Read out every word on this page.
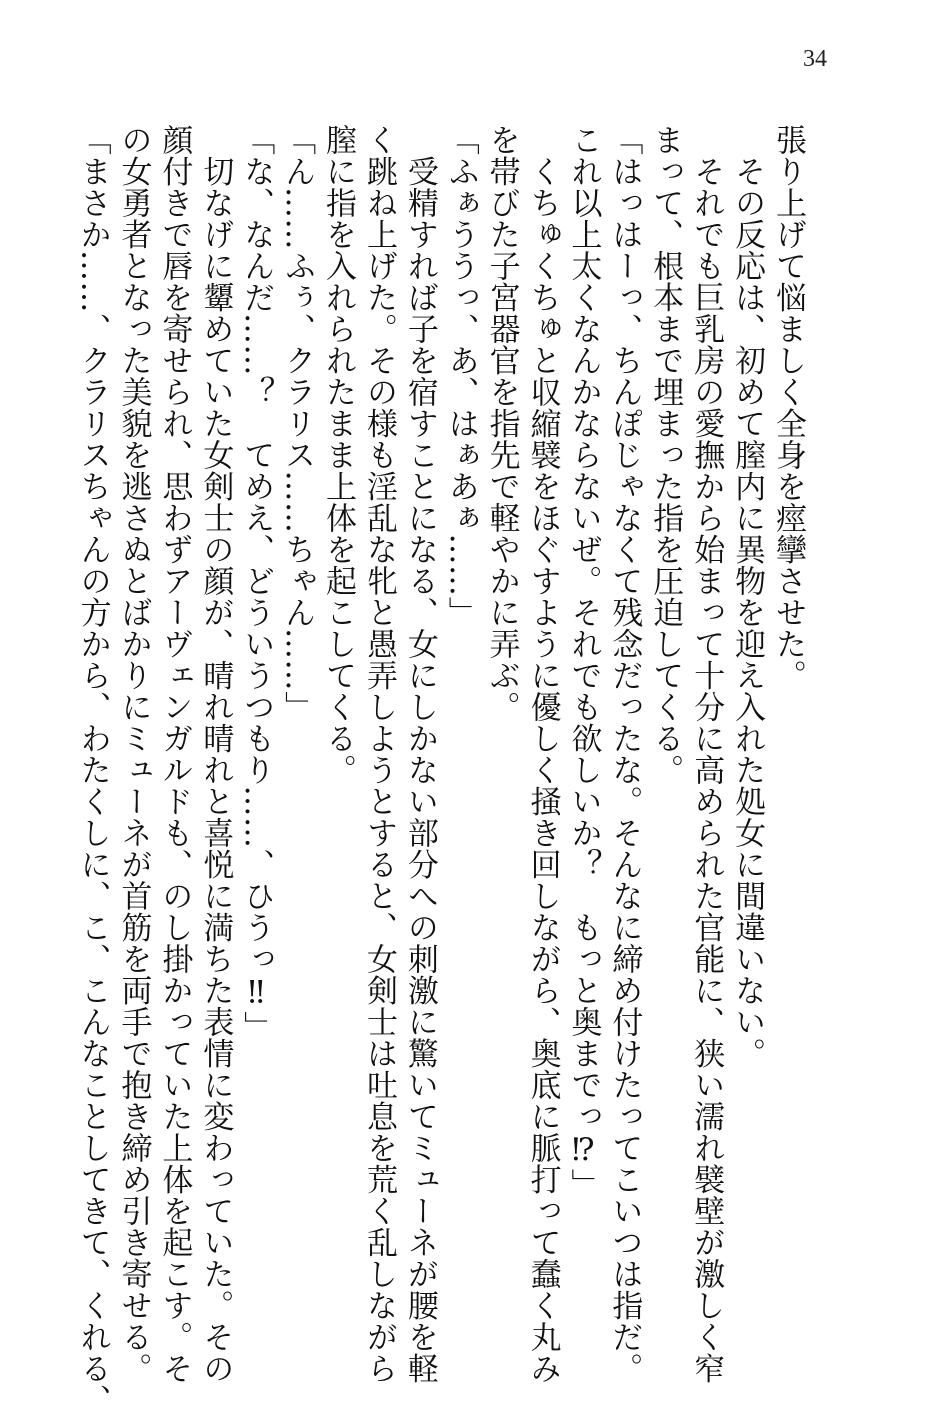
34
張り上げて悩ましく全身を痙攣させた。
　その反応は、初めて膣内に異物を迎え入れた処女に間違いない。
　それでも巨乳房の愛撫から始まって十分に高められた官能に、狭い濡れ襞壁が激しく窄
まって、根本まで埋まった指を圧迫してくる。
「はっはーっ、ちんぽじゃなくて残念だったな。そんなに締め付けたってこいつは指だ。
これ以上太くなんかならないぜ。それでも欲しいか？　もっと奥までっ⁉」
　くちゅくちゅと収縮襞をほぐすように優しく掻き回しながら、奥底に脈打って蠢く丸み
を帯びた子宮器官を指先で軽やかに弄ぶ。
「ふぁううっ、あ、はぁあぁ……」
　受精すれば子を宿すことになる、女にしかない部分への刺激に驚いてミューネが腰を軽
く跳ね上げた。その様も淫乱な牝と愚弄しようとすると、女剣士は吐息を荒く乱しながら
膣に指を入れられたまま上体を起こしてくる。
「ん……ふぅ、クラリス……ちゃん……」
「な、なんだ……？　てめえ、どういうつもり……、ひうっ‼」
　切なげに顰めていた女剣士の顔が、晴れ晴れと喜悦に満ちた表情に変わっていた。その
顔付きで唇を寄せられ、思わずアーヴェンガルドも、のし掛かっていた上体を起こす。そ
の女勇者となった美貌を逃さぬとばかりにミューネが首筋を両手で抱き締め引き寄せる。
「まさか……、クラリスちゃんの方から、わたくしに、こ、こんなことしてきて、くれる、
